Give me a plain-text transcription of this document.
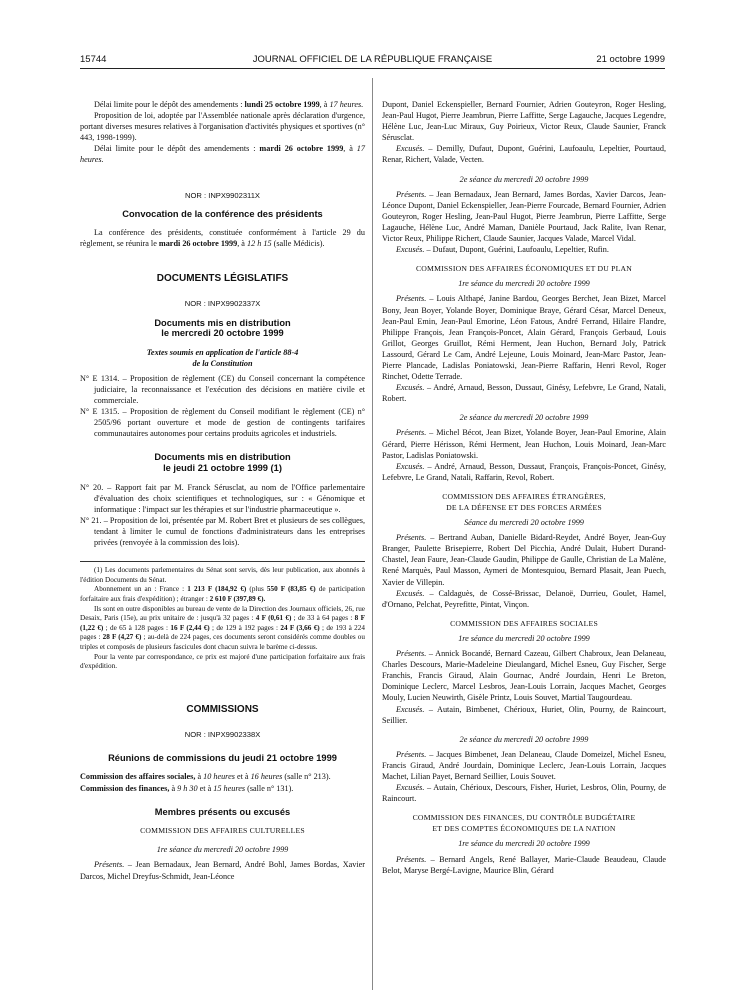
15744	JOURNAL OFFICIEL DE LA RÉPUBLIQUE FRANÇAISE	21 octobre 1999

Délai limite pour le dépôt des amendements : lundi 25 octobre 1999, à 17 heures.

Proposition de loi, adoptée par l'Assemblée nationale après déclaration d'urgence, portant diverses mesures relatives à l'organisation d'activités physiques et sportives (n° 443, 1998-1999).

Délai limite pour le dépôt des amendements : mardi 26 octobre 1999, à 17 heures.

NOR : INPX9902311X

Convocation de la conférence des présidents

La conférence des présidents, constituée conformément à l'article 29 du règlement, se réunira le mardi 26 octobre 1999, à 12 h 15 (salle Médicis).

DOCUMENTS LÉGISLATIFS

NOR : INPX9902337X

Documents mis en distribution

le mercredi 20 octobre 1999

Textes soumis en application de l'article 88-4

de la Constitution

N° E 1314. – Proposition de règlement (CE) du Conseil concernant la compétence judiciaire, la reconnaissance et l'exécution des décisions en matière civile et commerciale.

N° E 1315. – Proposition de règlement du Conseil modifiant le règlement (CE) n° 2505/96 portant ouverture et mode de gestion de contingents tarifaires communautaires autonomes pour certains produits agricoles et industriels.

Documents mis en distribution

le jeudi 21 octobre 1999 (1)

N° 20. – Rapport fait par M. Franck Sérusclat, au nom de l'Office parlementaire d'évaluation des choix scientifiques et technologiques, sur : « Génomique et informatique : l'impact sur les thérapies et sur l'industrie pharmaceutique ».

N° 21. – Proposition de loi, présentée par M. Robert Bret et plusieurs de ses collègues, tendant à limiter le cumul de fonctions d'administrateurs dans les entreprises privées (renvoyée à la commission des lois).

(1) Les documents parlementaires du Sénat sont servis, dès leur publication, aux abonnés à l'édition Documents du Sénat.

Abonnement un an : France : 1 213 F (184,92 €) (plus 550 F (83,85 €) de participation forfaitaire aux frais d'expédition) ; étranger : 2 610 F (397,89 €).

Ils sont en outre disponibles au bureau de vente de la Direction des Journaux officiels, 26, rue Desaix, Paris (15e), au prix unitaire de : jusqu'à 32 pages : 4 F (0,61 €) ; de 33 à 64 pages : 8 F (1,22 €) ; de 65 à 128 pages : 16 F (2,44 €) ; de 129 à 192 pages : 24 F (3,66 €) ; de 193 à 224 pages : 28 F (4,27 €) ; au-delà de 224 pages, ces documents seront considérés comme doubles ou triples et composés de plusieurs fascicules dont chacun suivra le barème ci-dessus.

Pour la vente par correspondance, ce prix est majoré d'une participation forfaitaire aux frais d'expédition.

COMMISSIONS

NOR : INPX9902338X

Réunions de commissions du jeudi 21 octobre 1999

Commission des affaires sociales, à 10 heures et à 16 heures (salle n° 213).

Commission des finances, à 9 h 30 et à 15 heures (salle n° 131).

Membres présents ou excusés

COMMISSION DES AFFAIRES CULTURELLES

1re séance du mercredi 20 octobre 1999

Présents. – Jean Bernadaux, Jean Bernard, André Bohl, James Bordas, Xavier Darcos, Michel Dreyfus-Schmidt, Jean-Léonce

Dupont, Daniel Eckenspieller, Bernard Fournier, Adrien Gouteyron, Roger Hesling, Jean-Paul Hugot, Pierre Jeambrun, Pierre Laffitte, Serge Lagauche, Jacques Legendre, Hélène Luc, Jean-Luc Miraux, Guy Poirieux, Victor Reux, Claude Saunier, Franck Sérusclat.

Excusés. – Demilly, Dufaut, Dupont, Guérini, Laufoaulu, Lepeltier, Pourtaud, Renar, Richert, Valade, Vecten.

2e séance du mercredi 20 octobre 1999

Présents. – Jean Bernadaux, Jean Bernard, James Bordas, Xavier Darcos, Jean-Léonce Dupont, Daniel Eckenspieller, Jean-Pierre Fourcade, Bernard Fournier, Adrien Gouteyron, Roger Hesling, Jean-Paul Hugot, Pierre Jeambrun, Pierre Laffitte, Serge Lagauche, Hélène Luc, André Maman, Danièle Pourtaud, Jack Ralite, Ivan Renar, Victor Reux, Philippe Richert, Claude Saunier, Jacques Valade, Marcel Vidal.

Excusés. – Dufaut, Dupont, Guérini, Laufoaulu, Lepeltier, Rufin.

COMMISSION DES AFFAIRES ÉCONOMIQUES ET DU PLAN

1re séance du mercredi 20 octobre 1999

Présents. – Louis Althapé, Janine Bardou, Georges Berchet, Jean Bizet, Marcel Bony, Jean Boyer, Yolande Boyer, Dominique Braye, Gérard César, Marcel Deneux, Jean-Paul Emin, Jean-Paul Emorine, Léon Fatous, André Ferrand, Hilaire Flandre, Philippe François, Jean François-Poncet, Alain Gérard, François Gerbaud, Louis Grillot, Georges Gruillot, Rémi Herment, Jean Huchon, Bernard Joly, Patrick Lassourd, Gérard Le Cam, André Lejeune, Louis Moinard, Jean-Marc Pastor, Jean-Pierre Plancade, Ladislas Poniatowski, Jean-Pierre Raffarin, Henri Revol, Roger Rinchet, Odette Terrade.

Excusés. – André, Arnaud, Besson, Dussaut, Ginésy, Lefebvre, Le Grand, Natali, Robert.

2e séance du mercredi 20 octobre 1999

Présents. – Michel Bécot, Jean Bizet, Yolande Boyer, Jean-Paul Emorine, Alain Gérard, Pierre Hérisson, Rémi Herment, Jean Huchon, Louis Moinard, Jean-Marc Pastor, Ladislas Poniatowski.

Excusés. – André, Arnaud, Besson, Dussaut, François, François-Poncet, Ginésy, Lefebvre, Le Grand, Natali, Raffarin, Revol, Robert.

COMMISSION DES AFFAIRES ÉTRANGÈRES,

DE LA DÉFENSE ET DES FORCES ARMÉES

Séance du mercredi 20 octobre 1999

Présents. – Bertrand Auban, Danielle Bidard-Reydet, André Boyer, Jean-Guy Branger, Paulette Brisepierre, Robert Del Picchia, André Dulait, Hubert Durand-Chastel, Jean Faure, Jean-Claude Gaudin, Philippe de Gaulle, Christian de La Malène, René Marquès, Paul Masson, Aymeri de Montesquiou, Bernard Plasait, Jean Puech, Xavier de Villepin.

Excusés. – Caldaguès, de Cossé-Brissac, Delanoë, Durrieu, Goulet, Hamel, d'Ornano, Pelchat, Peyrefitte, Pintat, Vinçon.

COMMISSION DES AFFAIRES SOCIALES

1re séance du mercredi 20 octobre 1999

Présents. – Annick Bocandé, Bernard Cazeau, Gilbert Chabroux, Jean Delaneau, Charles Descours, Marie-Madeleine Dieulangard, Michel Esneu, Guy Fischer, Serge Franchis, Francis Giraud, Alain Gournac, André Jourdain, Henri Le Breton, Dominique Leclerc, Marcel Lesbros, Jean-Louis Lorrain, Jacques Machet, Georges Mouly, Lucien Neuwirth, Gisèle Printz, Louis Souvet, Martial Taugourdeau.

Excusés. – Autain, Bimbenet, Chérioux, Huriet, Olin, Pourny, de Raincourt, Seillier.

2e séance du mercredi 20 octobre 1999

Présents. – Jacques Bimbenet, Jean Delaneau, Claude Domeizel, Michel Esneu, Francis Giraud, André Jourdain, Dominique Leclerc, Jean-Louis Lorrain, Jacques Machet, Lilian Payet, Bernard Seillier, Louis Souvet.

Excusés. – Autain, Chérioux, Descours, Fisher, Huriet, Lesbros, Olin, Pourny, de Raincourt.

COMMISSION DES FINANCES, DU CONTRÔLE BUDGÉTAIRE

ET DES COMPTES ÉCONOMIQUES DE LA NATION

1re séance du mercredi 20 octobre 1999

Présents. – Bernard Angels, René Ballayer, Marie-Claude Beaudeau, Claude Belot, Maryse Bergé-Lavigne, Maurice Blin, Gérard
